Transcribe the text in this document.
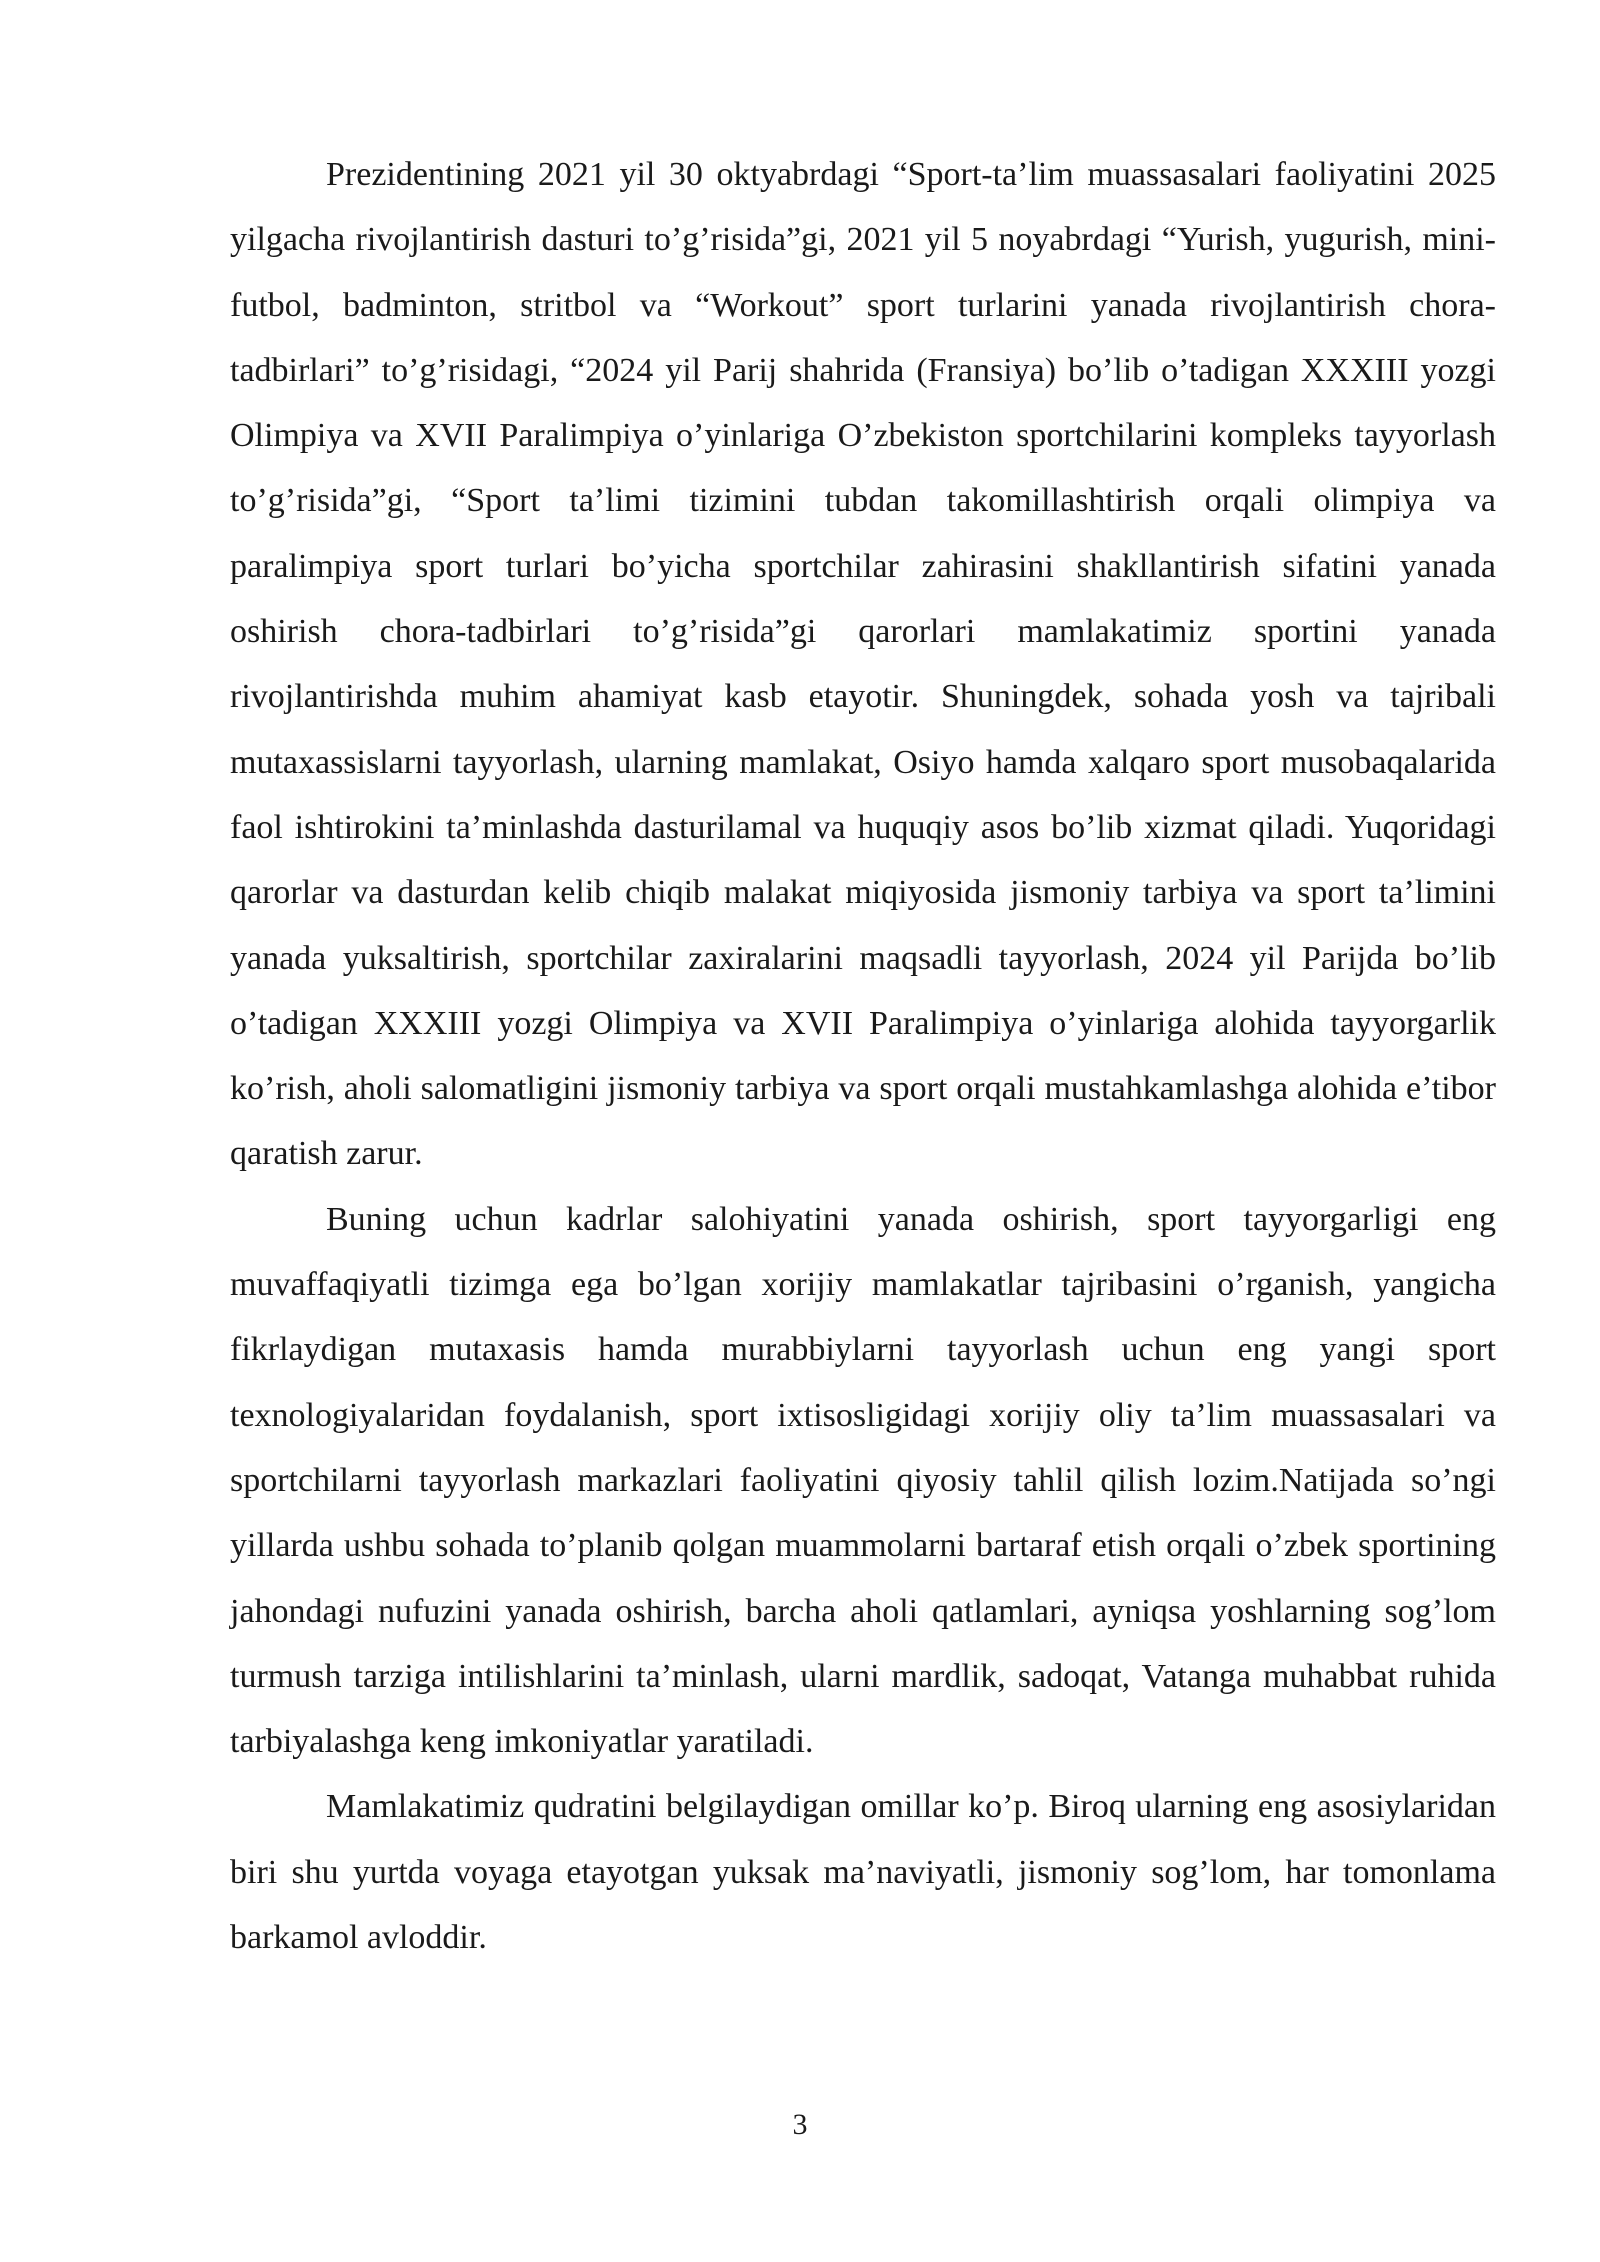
Prezidentining 2021 yil 30 oktyabrdagi “Sport-ta’lim muassasalari faoliyatini 2025 yilgacha rivojlantirish dasturi to’g’risida”gi, 2021 yil 5 noyabrdagi “Yurish, yugurish, mini-futbol, badminton, stritbol va “Workout” sport turlarini yanada rivojlantirish chora-tadbirlari” to’g’risidagi, “2024 yil Parij shahrida (Fransiya) bo’lib o’tadigan XXXIII yozgi Olimpiya va XVII Paralimpiya o’yinlariga O’zbekiston sportchilarini kompleks tayyorlash to’g’risida”gi, “Sport ta’limi tizimini tubdan takomillashtirish orqali olimpiya va paralimpiya sport turlari bo’yicha sportchilar zahirasini shakllantirish sifatini yanada oshirish chora-tadbirlari to’g’risida”gi qarorlari mamlakatimiz sportini yanada rivojlantirishda muhim ahamiyat kasb etayotir. Shuningdek, sohada yosh va tajribali mutaxassislarni tayyorlash, ularning mamlakat, Osiyo hamda xalqaro sport musobaqalarida faol ishtirokini ta’minlashda dasturilamal va huquqiy asos bo’lib xizmat qiladi. Yuqoridagi qarorlar va dasturdan kelib chiqib malakat miqiyosida jismoniy tarbiya va sport ta’limini yanada yuksaltirish, sportchilar zaxiralarini maqsadli tayyorlash, 2024 yil Parijda bo’lib o’tadigan XXXIII yozgi Olimpiya va XVII Paralimpiya o’yinlariga alohida tayyorgarlik ko’rish, aholi salomatligini jismoniy tarbiya va sport orqali mustahkamlashga alohida e’tibor qaratish zarur.

Buning uchun kadrlar salohiyatini yanada oshirish, sport tayyorgarligi eng muvaffaqiyatli tizimga ega bo’lgan xorijiy mamlakatlar tajribasini o’rganish, yangicha fikrlaydigan mutaxasis hamda murabbiylarni tayyorlash uchun eng yangi sport texnologiyalaridan foydalanish, sport ixtisosligidagi xorijiy oliy ta’lim muassasalari va sportchilarni tayyorlash markazlari faoliyatini qiyosiy tahlil qilish lozim.Natijada so’ngi yillarda ushbu sohada to’planib qolgan muammolarni bartaraf etish orqali o’zbek sportining jahondagi nufuzini yanada oshirish, barcha aholi qatlamlari, ayniqsa yoshlarning sog’lom turmush tarziga intilishlarini ta’minlash, ularni mardlik, sadoqat, Vatanga muhabbat ruhida tarbiyalashga keng imkoniyatlar yaratiladi.

Mamlakatimiz qudratini belgilaydigan omillar ko’p. Biroq ularning eng asosiylaridan biri shu yurtda voyaga etayotgan yuksak ma’naviyatli, jismoniy sog’lom, har tomonlama barkamol avloddir.

3
